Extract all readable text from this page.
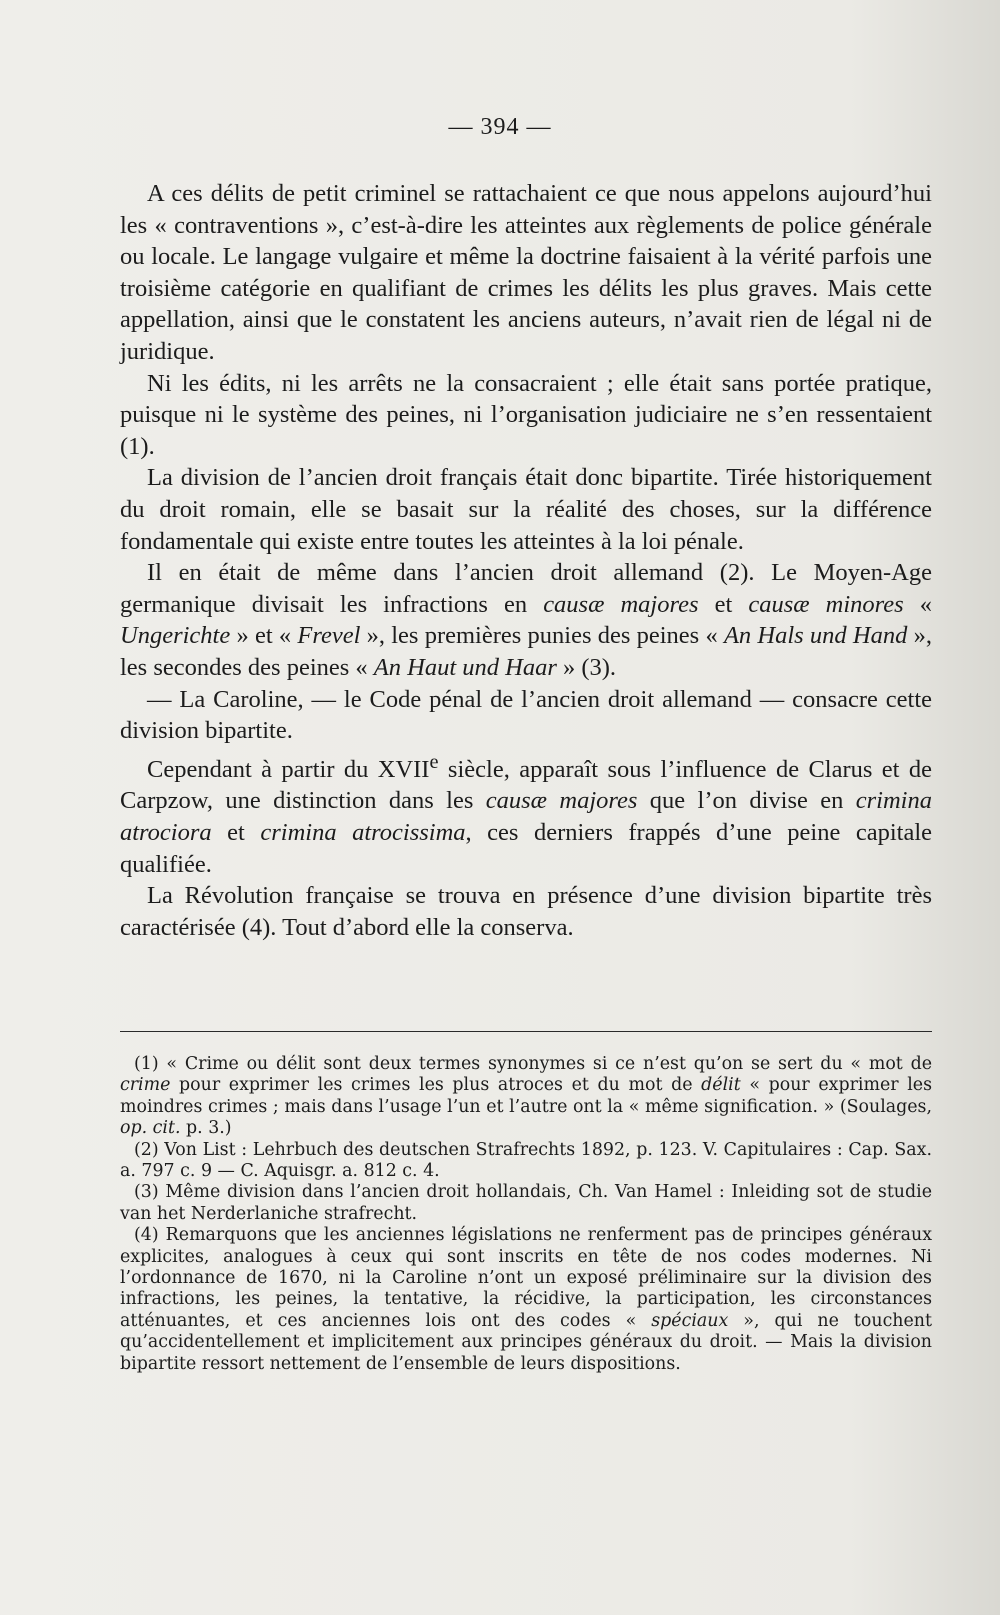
— 394 —

A ces délits de petit criminel se rattachaient ce que nous appelons aujourd’hui les « contraventions », c’est-à-dire les atteintes aux règlements de police générale ou locale. Le langage vulgaire et même la doctrine faisaient à la vérité parfois une troisième catégorie en qualifiant de crimes les délits les plus graves. Mais cette appellation, ainsi que le constatent les anciens auteurs, n’avait rien de légal ni de juridique.

Ni les édits, ni les arrêts ne la consacraient ; elle était sans portée pratique, puisque ni le système des peines, ni l’organisation judiciaire ne s’en ressentaient (1).

La division de l’ancien droit français était donc bipartite. Tirée historiquement du droit romain, elle se basait sur la réalité des choses, sur la différence fondamentale qui existe entre toutes les atteintes à la loi pénale.

Il en était de même dans l’ancien droit allemand (2). Le Moyen-Age germanique divisait les infractions en causæ majores et causæ minores « Ungerichte » et « Frevel », les premières punies des peines « An Hals und Hand », les secondes des peines « An Haut und Haar » (3).

— La Caroline, — le Code pénal de l’ancien droit allemand — consacre cette division bipartite.

Cependant à partir du XVIIe siècle, apparaît sous l’influence de Clarus et de Carpzow, une distinction dans les causæ majores que l’on divise en crimina atrociora et crimina atrocissima, ces derniers frappés d’une peine capitale qualifiée.

La Révolution française se trouva en présence d’une division bipartite très caractérisée (4). Tout d’abord elle la conserva.

(1) « Crime ou délit sont deux termes synonymes si ce n’est qu’on se sert du « mot de crime pour exprimer les crimes les plus atroces et du mot de délit « pour exprimer les moindres crimes ; mais dans l’usage l’un et l’autre ont la « même signification. » (Soulages, op. cit. p. 3.)

(2) Von List : Lehrbuch des deutschen Strafrechts 1892, p. 123. V. Capitulaires : Cap. Sax. a. 797 c. 9 — C. Aquisgr. a. 812 c. 4.

(3) Même division dans l’ancien droit hollandais, Ch. Van Hamel : Inleiding sot de studie van het Nerderlaniche strafrecht.

(4) Remarquons que les anciennes législations ne renferment pas de principes généraux explicites, analogues à ceux qui sont inscrits en tête de nos codes modernes. Ni l’ordonnance de 1670, ni la Caroline n’ont un exposé préliminaire sur la division des infractions, les peines, la tentative, la récidive, la participation, les circonstances atténuantes, et ces anciennes lois ont des codes « spéciaux », qui ne touchent qu’accidentellement et implicitement aux principes généraux du droit. — Mais la division bipartite ressort nettement de l’ensemble de leurs dispositions.
